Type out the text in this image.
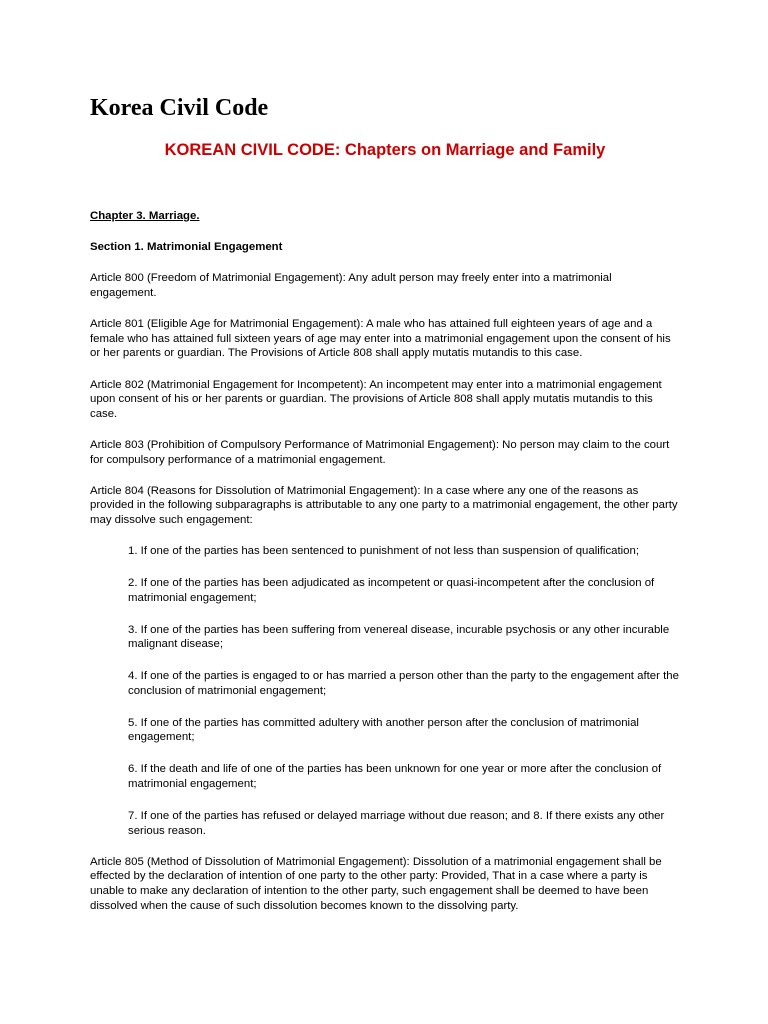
Korea Civil Code
KOREAN CIVIL CODE: Chapters on Marriage and Family

Chapter 3. Marriage.

Section 1. Matrimonial Engagement

Article 800 (Freedom of Matrimonial Engagement): Any adult person may freely enter into a matrimonial engagement.

Article 801 (Eligible Age for Matrimonial Engagement): A male who has attained full eighteen years of age and a female who has attained full sixteen years of age may enter into a matrimonial engagement upon the consent of his or her parents or guardian. The Provisions of Article 808 shall apply mutatis mutandis to this case.

Article 802 (Matrimonial Engagement for Incompetent): An incompetent may enter into a matrimonial engagement upon consent of his or her parents or guardian. The provisions of Article 808 shall apply mutatis mutandis to this case.

Article 803 (Prohibition of Compulsory Performance of Matrimonial Engagement): No person may claim to the court for compulsory performance of a matrimonial engagement.

Article 804 (Reasons for Dissolution of Matrimonial Engagement): In a case where any one of the reasons as provided in the following subparagraphs is attributable to any one party to a matrimonial engagement, the other party may dissolve such engagement:

1. If one of the parties has been sentenced to punishment of not less than suspension of qualification;

2. If one of the parties has been adjudicated as incompetent or quasi-incompetent after the conclusion of matrimonial engagement;

3. If one of the parties has been suffering from venereal disease, incurable psychosis or any other incurable malignant disease;

4. If one of the parties is engaged to or has married a person other than the party to the engagement after the conclusion of matrimonial engagement;

5. If one of the parties has committed adultery with another person after the conclusion of matrimonial engagement;

6. If the death and life of one of the parties has been unknown for one year or more after the conclusion of matrimonial engagement;

7. If one of the parties has refused or delayed marriage without due reason; and 8. If there exists any other serious reason.

Article 805 (Method of Dissolution of Matrimonial Engagement): Dissolution of a matrimonial engagement shall be effected by the declaration of intention of one party to the other party: Provided, That in a case where a party is unable to make any declaration of intention to the other party, such engagement shall be deemed to have been dissolved when the cause of such dissolution becomes known to the dissolving party.
